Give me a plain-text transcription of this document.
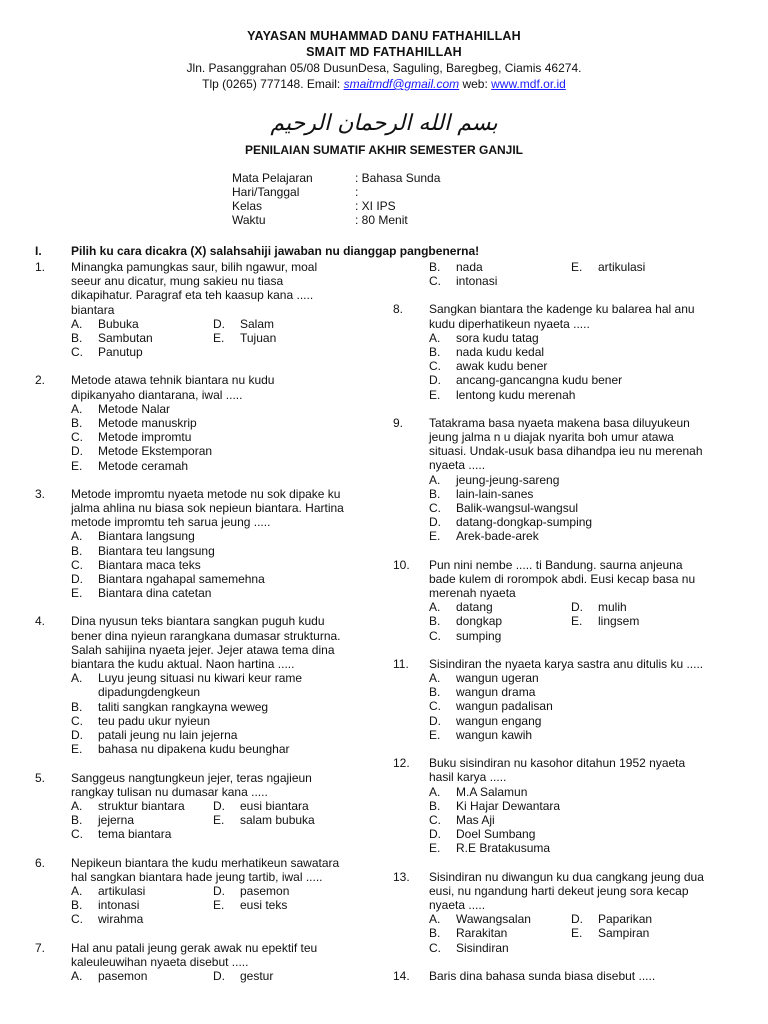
YAYASAN MUHAMMAD DANU FATHAHILLAH
SMAIT MD FATHAHILLAH
Jln. Pasanggrahan 05/08 DusunDesa, Saguling, Baregbeg, Ciamis 46274.
Tlp (0265) 777148. Email: smaitmdf@gmail.com web: www.mdf.or.id
بسم الله الرحمان الرحيم
PENILAIAN SUMATIF AKHIR SEMESTER GANJIL
Mata Pelajaran	: Bahasa Sunda
Hari/Tanggal	:
Kelas	: XI IPS
Waktu	: 80 Menit
I. Pilih ku cara dicakra (X) salahsahiji jawaban nu dianggap pangbenerna!
1.	Minangka pamungkas saur, bilih ngawur, moal
seeur anu dicatur, mung sakieu nu tiasa
dikapihatur. Paragraf eta teh kaasup kana .....
biantara
A.	Bubuka	D.	Salam
B.	Sambutan	E.	Tujuan
C.	Panutup
2.	Metode atawa tehnik biantara nu kudu
dipikanyaho diantarana, iwal .....
A.	Metode Nalar
B.	Metode manuskrip
C.	Metode impromtu
D.	Metode Ekstemporan
E.	Metode ceramah
3.	Metode impromtu nyaeta metode nu sok dipake ku
jalma ahlina nu biasa sok nepieun biantara. Hartina
metode impromtu teh sarua jeung .....
A.	Biantara langsung
B.	Biantara teu langsung
C.	Biantara maca teks
D.	Biantara ngahapal samemehna
E.	Biantara dina catetan
4.	Dina nyusun teks biantara sangkan puguh kudu
bener dina nyieun rarangkana dumasar strukturna.
Salah sahijina nyaeta jejer. Jejer atawa tema dina
biantara the kudu aktual. Naon hartina .....
A.	Luyu jeung situasi nu kiwari keur rame dipadungdengkeun
B.	taliti sangkan rangkayna weweg
C.	teu padu ukur nyieun
D.	patali jeung nu lain jejerna
E.	bahasa nu dipakena kudu beunghar
5.	Sanggeus nangtungkeun jejer, teras ngajieun
rangkay tulisan nu dumasar kana .....
A.	struktur biantara D.	eusi biantara
B.	jejerna	E.	salam bubuka
C.	tema biantara
6.	Nepikeun biantara the kudu merhatikeun sawatara
hal sangkan biantara hade jeung tartib, iwal .....
A.	artikulasi	D.	pasemon
B.	intonasi	E.	eusi teks
C.	wirahma
7.	Hal anu patali jeung gerak awak nu epektif teu
kaleuleuwihan nyaeta disebut .....
A.	pasemon	D.	gestur
B.	nada	E.	artikulasi
C.	intonasi
8.	Sangkan biantara the kadenge ku balarea hal anu
kudu diperhatikeun nyaeta .....
A.	sora kudu tatag
B.	nada kudu kedal
C.	awak kudu bener
D.	ancang-gancangna kudu bener
E.	lentong kudu merenah
9.	Tatakrama basa nyaeta makena basa diluyukeun
jeung jalma n u diajak nyarita boh umur atawa
situasi. Undak-usuk basa dihandpa ieu nu merenah
nyaeta .....
A.	jeung-jeung-sareng
B.	lain-lain-sanes
C.	Balik-wangsul-wangsul
D.	datang-dongkap-sumping
E.	Arek-bade-arek
10.	Pun nini nembe ..... ti Bandung. saurna anjeuna
bade kulem di rorompok abdi. Eusi kecap basa nu
merenah nyaeta
A.	datang	D.	mulih
B.	dongkap	E.	lingsem
C.	sumping
11.	Sisindiran the nyaeta karya sastra anu ditulis ku .....
A.	wangun ugeran
B.	wangun drama
C.	wangun padalisan
D.	wangun engang
E.	wangun kawih
12.	Buku sisindiran nu kasohor ditahun 1952 nyaeta
hasil karya .....
A.	M.A Salamun
B.	Ki Hajar Dewantara
C.	Mas Aji
D.	Doel Sumbang
E.	R.E Bratakusuma
13.	Sisindiran nu diwangun ku dua cangkang jeung dua
eusi, nu ngandung harti dekeut jeung sora kecap
nyaeta .....
A.	Wawangsalan	D.	Paparikan
B.	Rarakitan	E.	Sampiran
C.	Sisindiran
14.	Baris dina bahasa sunda biasa disebut .....
